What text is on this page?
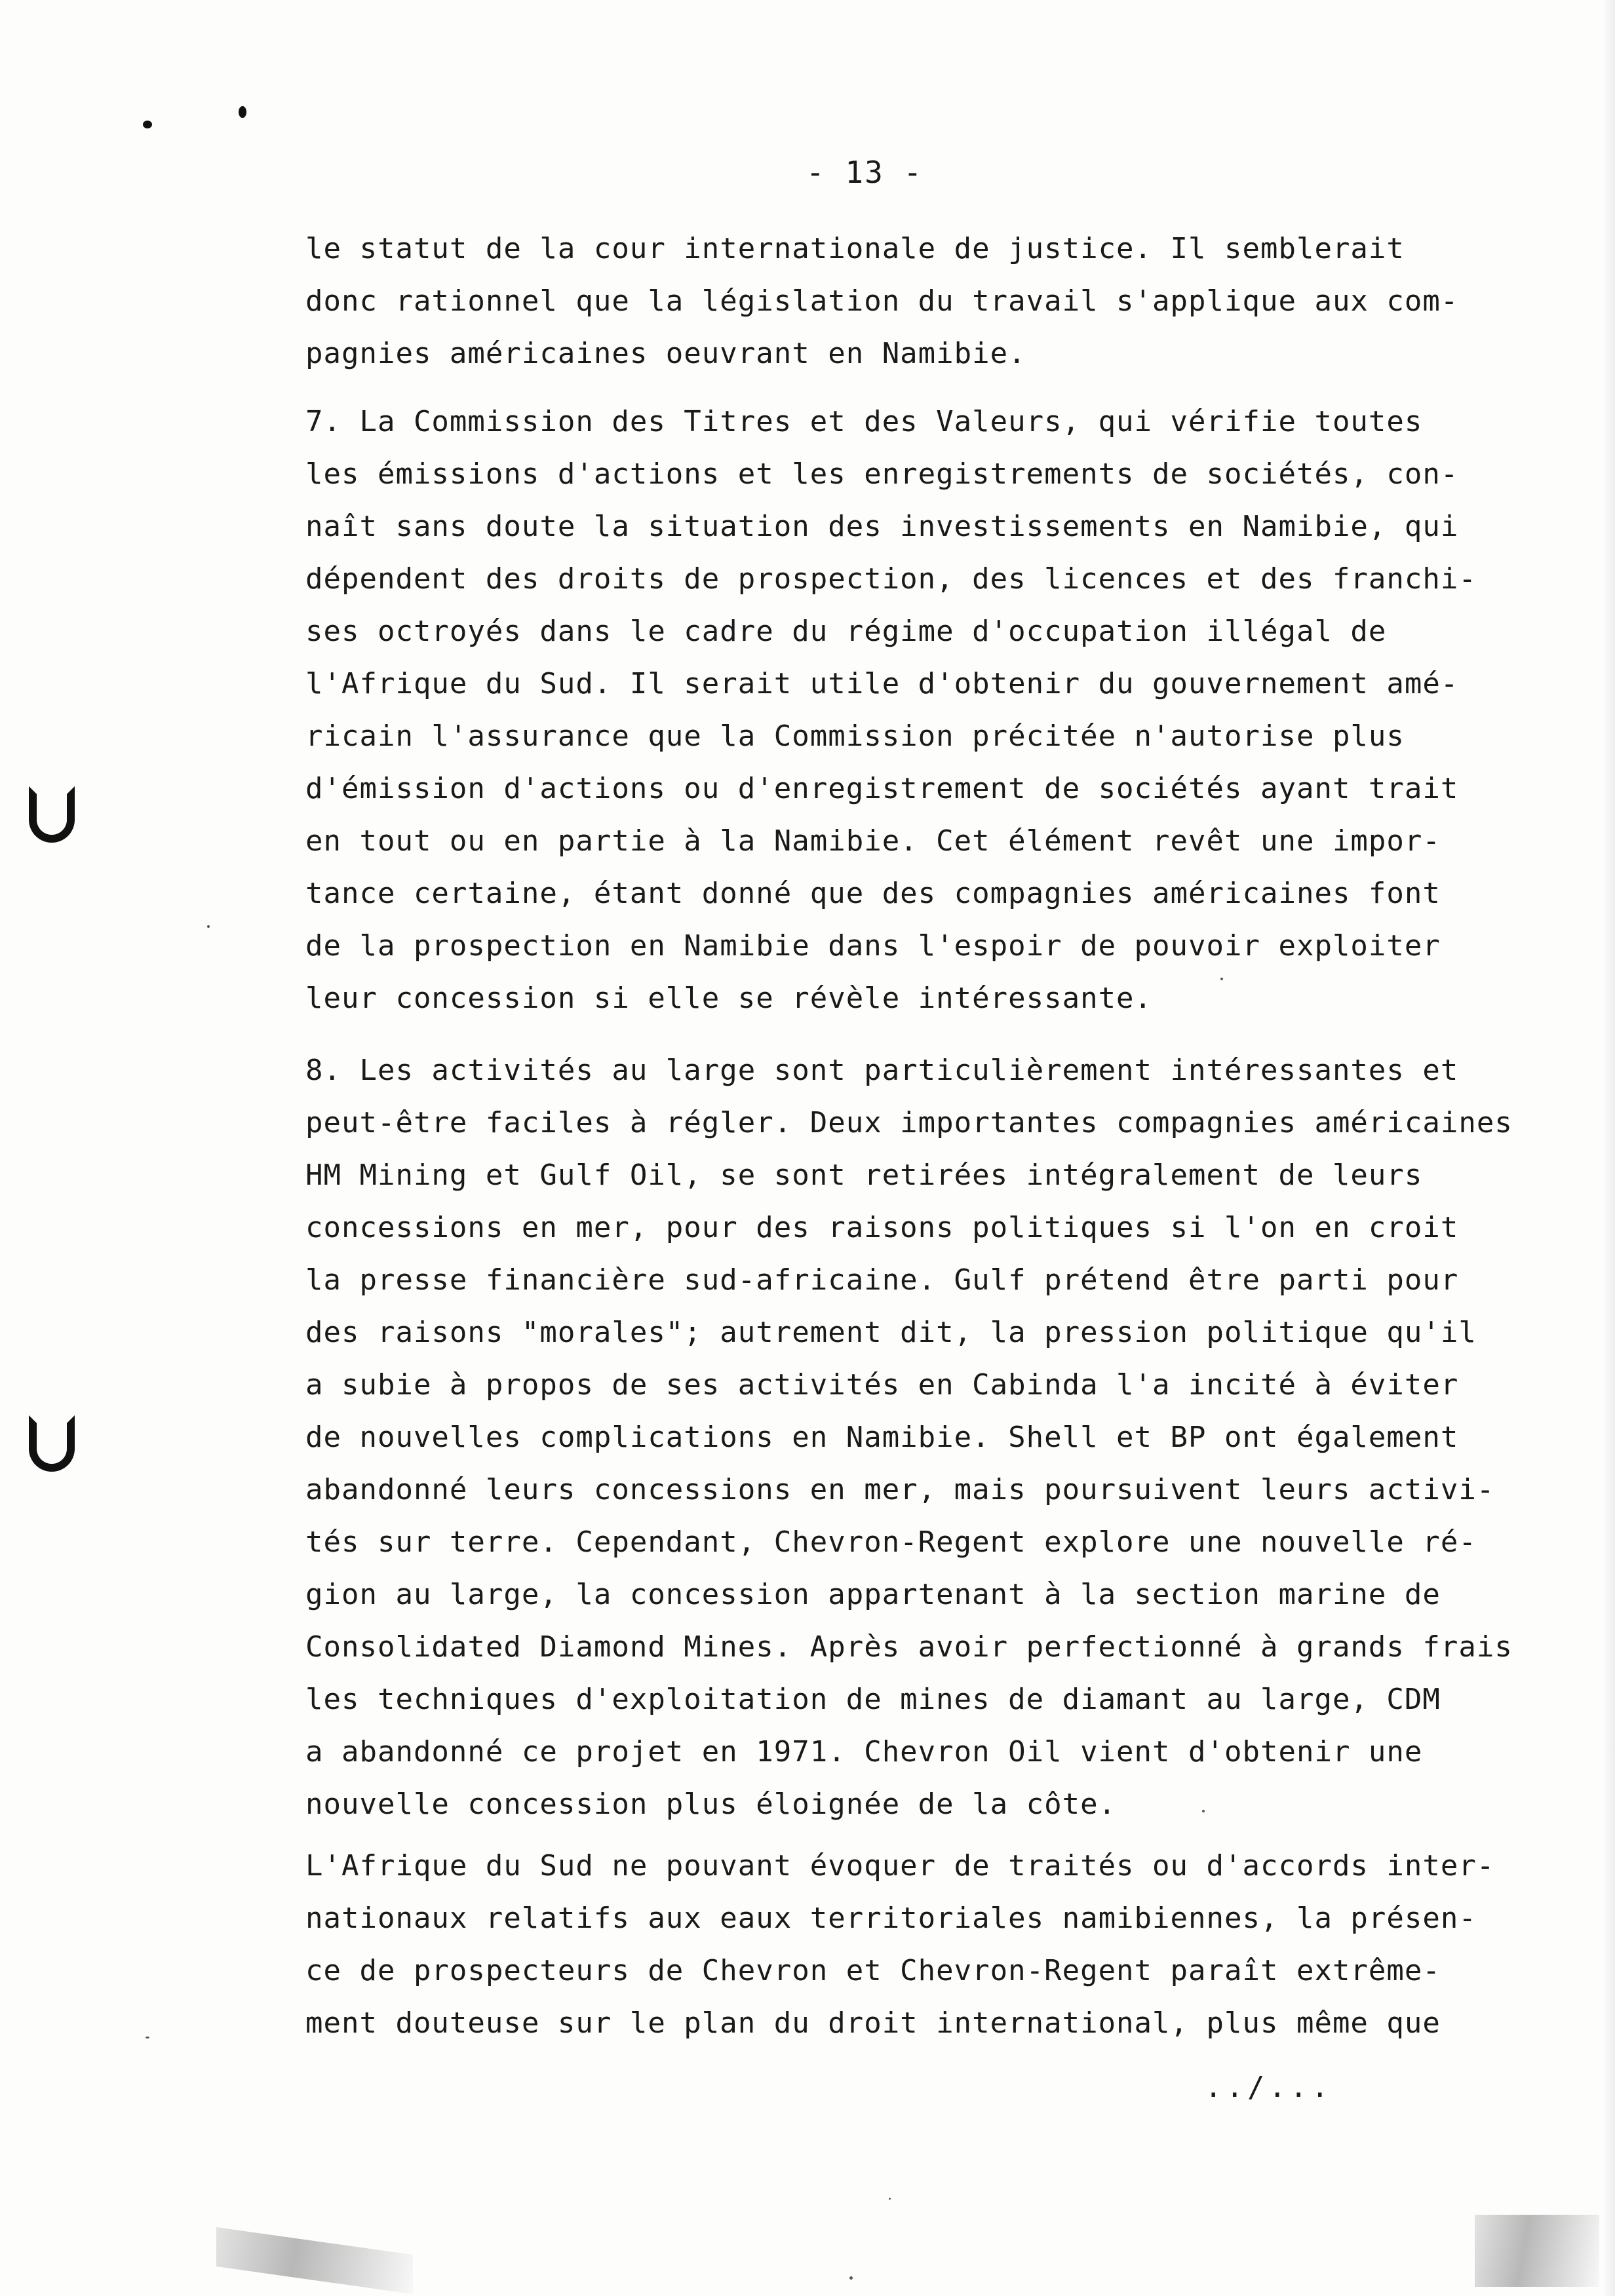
- 13 -
le statut de la cour internationale de justice. Il semblerait
donc rationnel que la législation du travail s'applique aux com-
pagnies américaines oeuvrant en Namibie.
7. La Commission des Titres et des Valeurs, qui vérifie toutes
les émissions d'actions et les enregistrements de sociétés, con-
naît sans doute la situation des investissements en Namibie, qui
dépendent des droits de prospection, des licences et des franchi-
ses octroyés dans le cadre du régime d'occupation illégal de
l'Afrique du Sud. Il serait utile d'obtenir du gouvernement amé-
ricain l'assurance que la Commission précitée n'autorise plus
d'émission d'actions ou d'enregistrement de sociétés ayant trait
en tout ou en partie à la Namibie. Cet élément revêt une impor-
tance certaine, étant donné que des compagnies américaines font
de la prospection en Namibie dans l'espoir de pouvoir exploiter
leur concession si elle se révèle intéressante.
8. Les activités au large sont particulièrement intéressantes et
peut-être faciles à régler. Deux importantes compagnies américaines
HM Mining et Gulf Oil, se sont retirées intégralement de leurs
concessions en mer, pour des raisons politiques si l'on en croit
la presse financière sud-africaine. Gulf prétend être parti pour
des raisons "morales"; autrement dit, la pression politique qu'il
a subie à propos de ses activités en Cabinda l'a incité à éviter
de nouvelles complications en Namibie. Shell et BP ont également
abandonné leurs concessions en mer, mais poursuivent leurs activi-
tés sur terre. Cependant, Chevron-Regent explore une nouvelle ré-
gion au large, la concession appartenant à la section marine de
Consolidated Diamond Mines. Après avoir perfectionné à grands frais
les techniques d'exploitation de mines de diamant au large, CDM
a abandonné ce projet en 1971. Chevron Oil vient d'obtenir une
nouvelle concession plus éloignée de la côte.
L'Afrique du Sud ne pouvant évoquer de traités ou d'accords inter-
nationaux relatifs aux eaux territoriales namibiennes, la présen-
ce de prospecteurs de Chevron et Chevron-Regent paraît extrême-
ment douteuse sur le plan du droit international, plus même que
../...
